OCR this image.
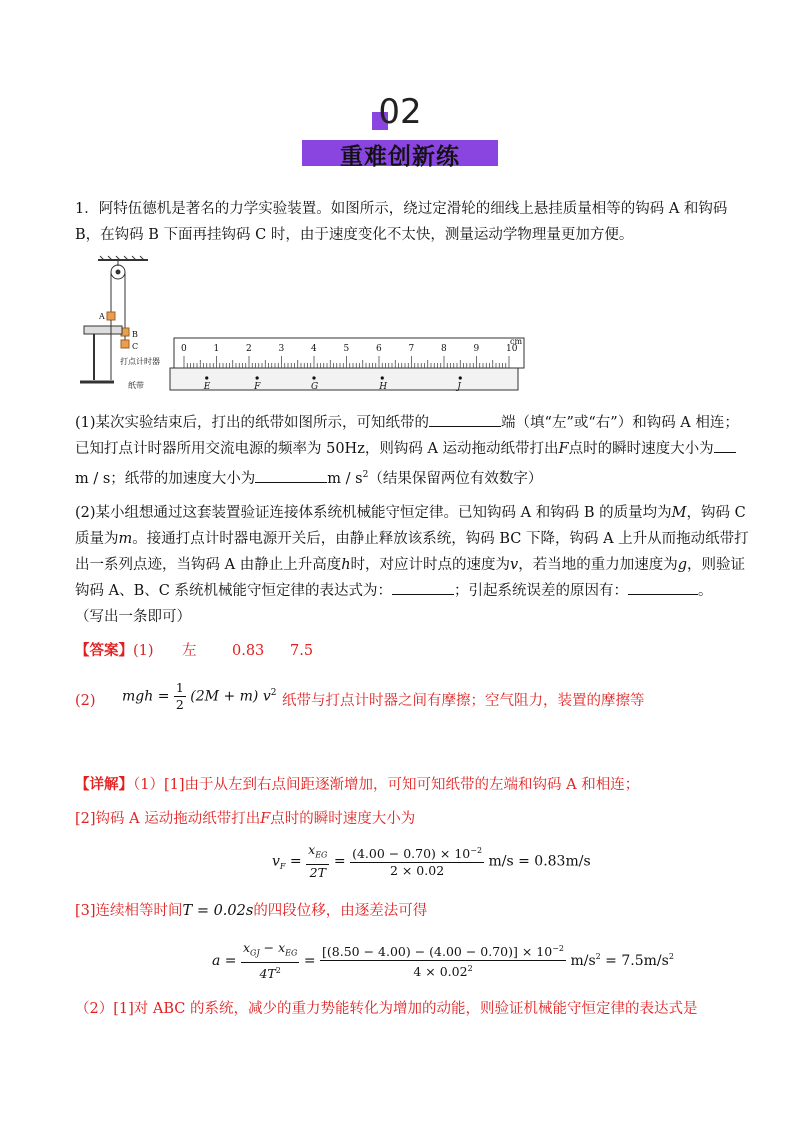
02
//	\\
重难创新练
1．阿特伍德机是著名的力学实验装置。如图所示，绕过定滑轮的细线上悬挂质量相等的钩码 A 和钩码
B，在钩码 B 下面再挂钩码 C 时，由于速度变化不太快，测量运动学物理量更加方便。
A
B
C
打点计时器
纸带
cm
0	1	2	3	4	5	6	7	8	9	10
E	F	G	H	J
(1)某次实验结束后，打出的纸带如图所示，可知纸带的	端（填“左”或“右”）和钩码 A 相连；
已知打点计时器所用交流电源的频率为 50Hz，则钩码 A 运动拖动纸带打出F点时的瞬时速度大小为
m / s；纸带的加速度大小为	m / $s^2$（结果保留两位有效数字）
(2)某小组想通过这套装置验证连接体系统机械能守恒定律。已知钩码 A 和钩码 B 的质量均为M，钩码 C
质量为m。接通打点计时器电源开关后，由静止释放该系统，钩码 BC 下降，钩码 A 上升从而拖动纸带打
出一系列点迹，当钩码 A 由静止上升高度h时，对应计时点的速度为v，若当地的重力加速度为g，则验证
钩码 A、B、C 系统机械能守恒定律的表达式为：	；引起系统误差的原因有：	。
（写出一条即可）
【答案】(1) 左 0.83 7.5
(2) mgh = $\frac{1}{2} (2M + m)$ $v^2$
纸带与打点计时器之间有摩擦；空气阻力，装置的摩擦等
【详解】（1）[1]由于从左到右点间距逐渐增加，可知可知纸带的左端和钩码 A 和相连；
[2]钩码 A 运动拖动纸带打出F点时的瞬时速度大小为
$v_F = \frac{x_{EG}}{2T} = \frac{(4.00 - 0.70) \times 10^{-2}}{2 \times 0.02} m/s = 0.83m/s$
[3]连续相等时间T = 0.02s的四段位移，由逐差法可得
$a = \frac{x_{GJ} - x_{EG}}{4T^2} = \frac{[(8.50 - 4.00) - (4.00 - 0.70)] \times 10^{-2}}{4 \times 0.02^2} m/s^2 = 7.5m/s^2$
（2）[1]对 ABC 的系统，减少的重力势能转化为增加的动能，则验证机械能守恒定律的表达式是
